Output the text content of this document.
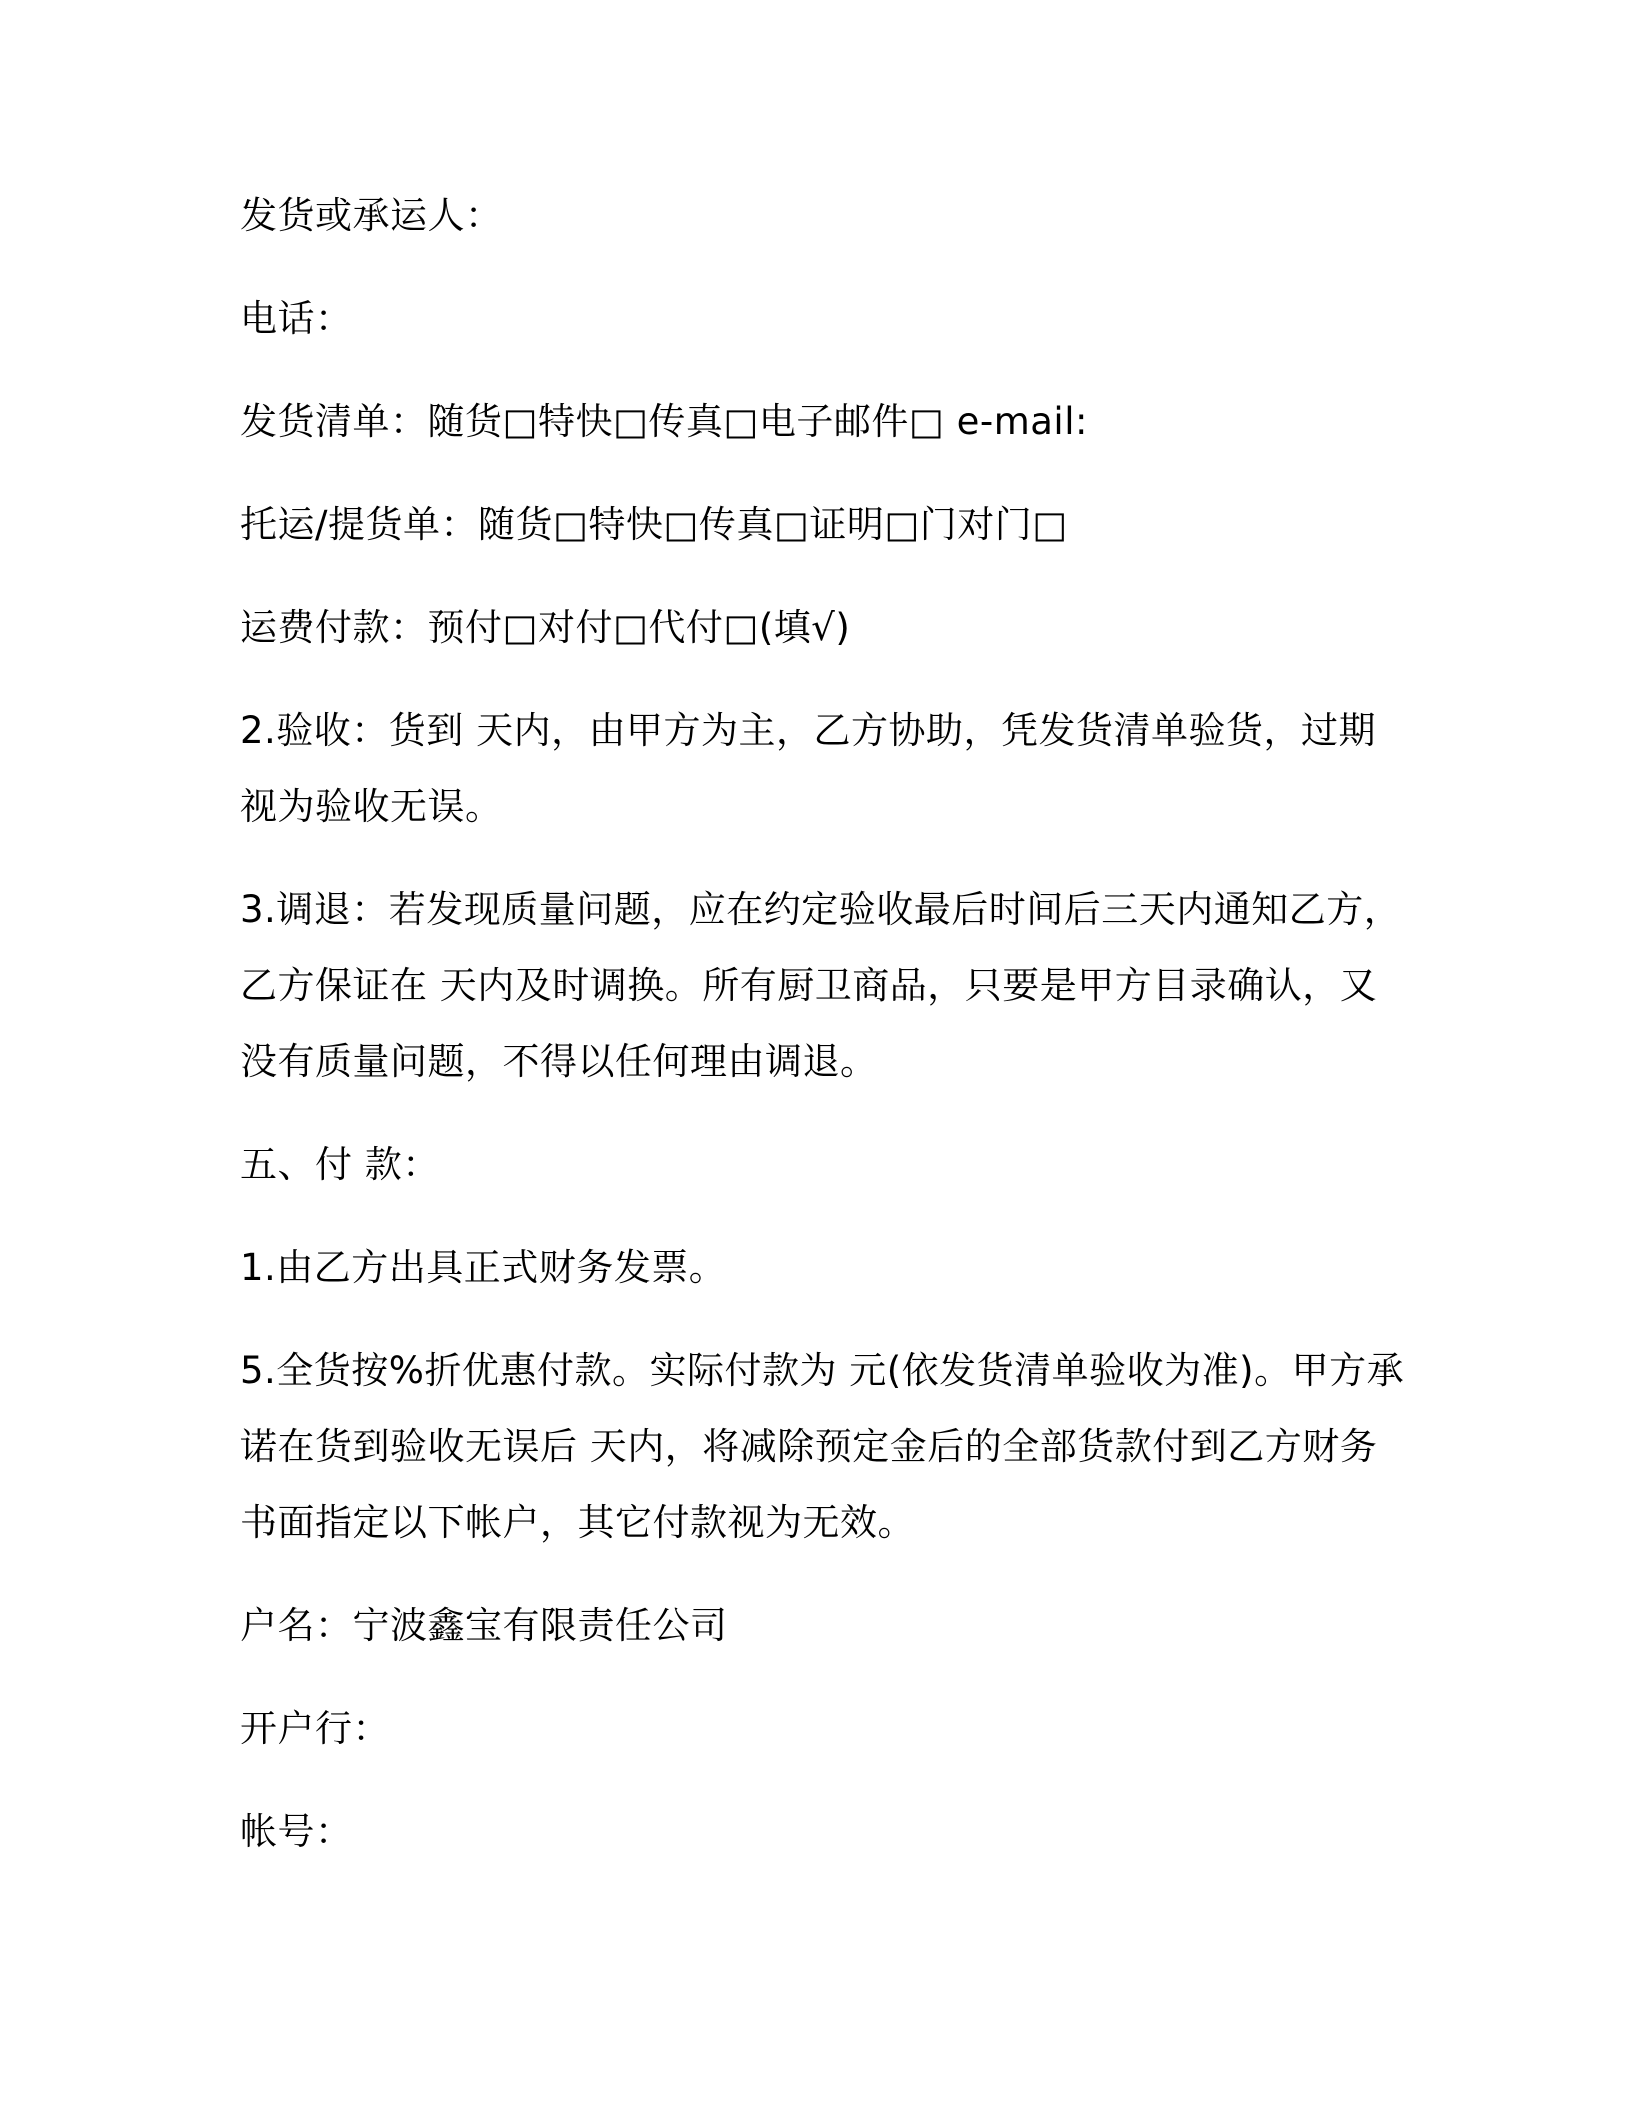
发货或承运人：
电话：
发货清单：随货□特快□传真□电子邮件□ e-mail:
托运/提货单：随货□特快□传真□证明□门对门□
运费付款：预付□对付□代付□(填√)
2.验收：货到 天内，由甲方为主，乙方协助，凭发货清单验货，过期
视为验收无误。
3.调退：若发现质量问题，应在约定验收最后时间后三天内通知乙方，
乙方保证在 天内及时调换。所有厨卫商品，只要是甲方目录确认，又
没有质量问题，不得以任何理由调退。
五、付 款：
1.由乙方出具正式财务发票。
5.全货按%折优惠付款。实际付款为 元(依发货清单验收为准)。甲方承
诺在货到验收无误后 天内，将减除预定金后的全部货款付到乙方财务
书面指定以下帐户，其它付款视为无效。
户名：宁波鑫宝有限责任公司
开户行：
帐号：
